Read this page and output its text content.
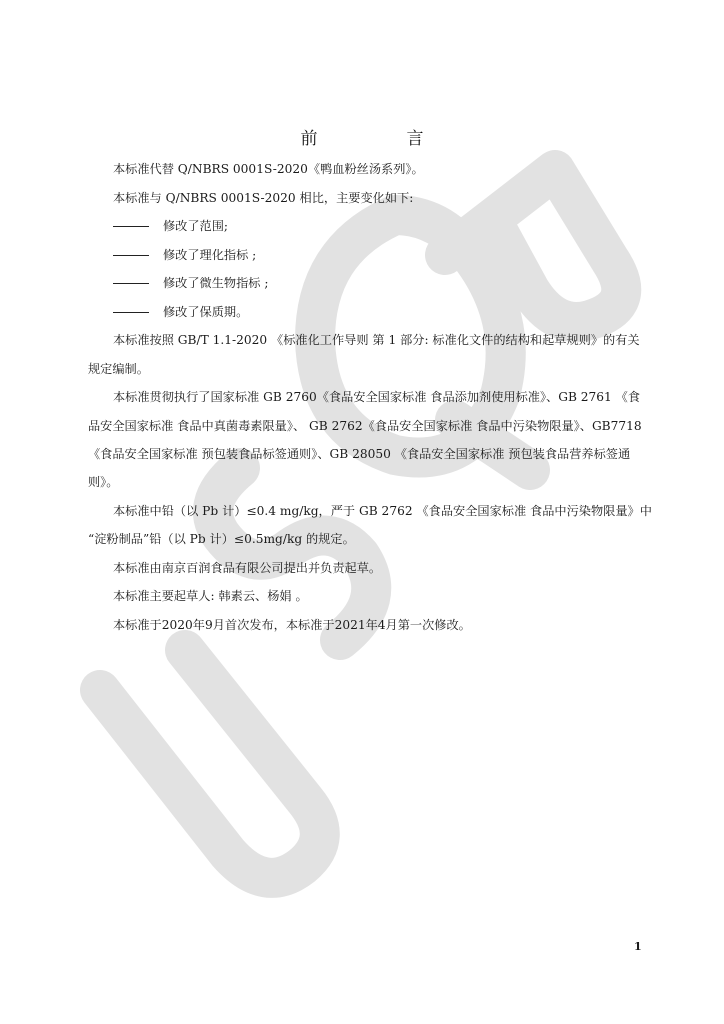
前　言
本标准代替 Q/NBRS 0001S-2020《鸭血粉丝汤系列》。
本标准与 Q/NBRS 0001S-2020 相比，主要变化如下:
修改了范围;
修改了理化指标 ;
修改了微生物指标 ;
修改了保质期。
本标准按照 GB/T 1.1-2020 《标准化工作导则 第 1 部分: 标准化文件的结构和起草规则》的有关
规定编制。
本标准贯彻执行了国家标准 GB 2760《食品安全国家标准 食品添加剂使用标准》、GB 2761 《食
品安全国家标准 食品中真菌毒素限量》、 GB 2762《食品安全国家标准 食品中污染物限量》、GB7718
《食品安全国家标准 预包装食品标签通则》、GB 28050 《食品安全国家标准 预包装食品营养标签通
则》。
本标准中铅（以 Pb 计）≤0.4 mg/kg，严于 GB 2762 《食品安全国家标准 食品中污染物限量》中
“淀粉制品”铅（以 Pb 计）≤0.5mg/kg 的规定。
本标准由南京百润食品有限公司提出并负责起草。
本标准主要起草人: 韩素云、杨娟 。
本标准于2020年9月首次发布，本标准于2021年4月第一次修改。
1
